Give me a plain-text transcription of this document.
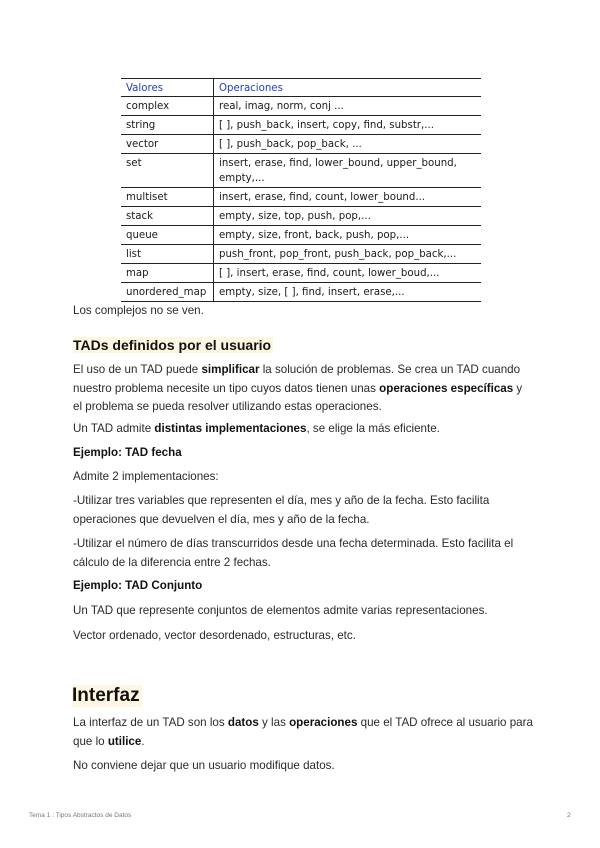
Valores	Operaciones
complex	real, imag, norm, conj ...
string	[ ], push_back, insert, copy, find, substr,...
vector	[ ], push_back, pop_back, ...
set	insert, erase, find, lower_bound, upper_bound, empty,...
multiset	insert, erase, find, count, lower_bound...
stack	empty, size, top, push, pop,...
queue	empty, size, front, back, push, pop,...
list	push_front, pop_front, push_back, pop_back,...
map	[ ], insert, erase, find, count, lower_boud,...
unordered_map	empty, size, [ ], find, insert, erase,...

Los complejos no se ven.

TADs definidos por el usuario

El uso de un TAD puede simplificar la solución de problemas. Se crea un TAD cuando nuestro problema necesite un tipo cuyos datos tienen unas operaciones específicas y el problema se pueda resolver utilizando estas operaciones.

Un TAD admite distintas implementaciones, se elige la más eficiente.

Ejemplo: TAD fecha

Admite 2 implementaciones:

-Utilizar tres variables que representen el día, mes y año de la fecha. Esto facilita operaciones que devuelven el día, mes y año de la fecha.

-Utilizar el número de días transcurridos desde una fecha determinada. Esto facilita el cálculo de la diferencia entre 2 fechas.

Ejemplo: TAD Conjunto

Un TAD que represente conjuntos de elementos admite varias representaciones.

Vector ordenado, vector desordenado, estructuras, etc.

Interfaz

La interfaz de un TAD son los datos y las operaciones que el TAD ofrece al usuario para que lo utilice.

No conviene dejar que un usuario modifique datos.

Tema 1 : Tipos Abstractos de Datos	2
